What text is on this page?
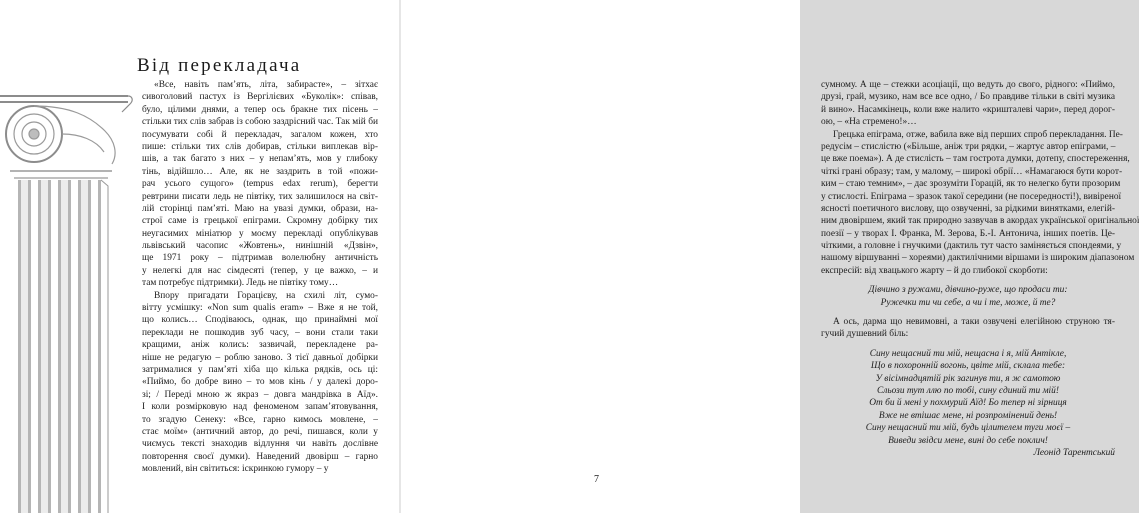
Від перекладача
«Все, навіть пам’ять, літа, забирасте», – зітхає
сивоголовий пастух із Вергілієвих «Буколік»: співав,
було, цілими днями, а тепер ось бракне тих пісень –
стільки тих слів забрав із собою заздрісний час. Так мій би
посумувати собі й перекладач, загалом кожен, хто
пише: стільки тих слів добирав, стільки виплекав вір-
шів, а так багато з них – у непам’ять, мов у глибоку
тінь, відійшло… Але, як не заздрить в той «пожи-
рач усього сущого» (tempus edax rerum), берегти
ревтрини писати ледь не півтіку, тих залишилося на світ-
лій сторінці пам’яті. Маю на увазі думки, образи, на-
строї саме із грецької епіграми. Скромну добірку тих
неугасимих мініатюр у моєму перекладі опублікував
львівський часопис «Жовтень», нинішній «Дзвін»,
ще 1971 року – підтримав волелюбну античність
у нелегкі для нас сімдесяті (тепер, у це важко, – и
там потребує підтримки). Ледь не півтіку тому…
Впору пригадати Горацієву, на схилі літ, сумо-
вітту усмішку: «Non sum qualis eram» – Вже я не той,
що колись… Сподіваюсь, однак, що принаймні мої
переклади не пошкодив зуб часу, – вони стали таки
кращими, аніж колись: зазвичай, перекладене ра-
ніше не редагую – роблю заново. З тієї давньої добірки
затрималися у пам’яті хіба що кілька рядків, ось ці:
«Пиймо, бо добре вино – то мов кінь / у далекі доро-
зі; / Переді мною ж якраз – довга мандрівка в Аїд».
І коли розмірковую над феноменом запам’ятовування,
то згадую Сенеку: «Все, гарно кимось мовлене, –
стає моїм» (античний автор, до речі, пишався, коли у
чиємусь тексті знаходив відлуння чи навіть дослівне
повторення своєї думки). Наведений двовірш – гарно
мовлений, він світиться: іскринкою гумору – у
сумному. А ще – стежки асоціації, що ведуть до свого, рідного: «Пиймо,
друзі, грай, музико, нам все все одно, / Бо правдиве тільки в світі музика
й вино». Насамкінець, коли вже налито «кришталеві чари», перед дорог-
ою, – «На стремено!»…
Грецька епіграма, отже, вабила вже від перших спроб перекладання. Пе-
редусім – стислістю («Більше, аніж три рядки, – жартує автор епіграми, –
це вже поема»). А де стислість – там гострота думки, дотепу, спостереження,
чіткі грані образу; там, у малому, – широкі обрії… «Намагаюся бути корот-
ким – стаю темним», – дає зрозуміти Горацій, як то нелегко бути прозорим
у стислості. Епіграма – зразок такої середини (не посередності!), вивіреної
ясності поетичного вислову, що озвученні, за рідкими винятками, елегій-
ним двовіршем, який так природно зазвучав в акордах української оригінальної
поезії – у творах І. Франка, М. Зерова, Б.-І. Антонича, інших поетів. Це-
чіткими, а головне і гнучкими (дактиль тут часто заміняється спондеями, у
нашому віршуванні – хореями) дактилічними віршами із широким діапазоном
експресій: від хвацького жарту – й до глибокої скорботи:
Дівчино з ружами, дівчино-руже, що продаси ти:
Ружечки ти чи себе, а чи і те, може, й те?
А ось, дарма що невимовні, а таки озвучені елегійною струною тя-
гучий душевний біль:
Сину нещасний ти мій, нещасна і я, мій Антікле,
Що в похоронній вогонь, цвіте мій, склала тебе:
У вісімнадцятій рік загинув ти, я ж самотою
Сльози тут ллю по тобі, сину єдиний ти мій!
От би й мені у похмурий Аїд! Бо тепер ні зірниця
Вже не втішає мене, ні розпромінений день!
Сину нещасний ти мій, будь цілителем туги моєї –
Виведи звідси мене, вині до себе поклич!
Леонід Тарентський
7
